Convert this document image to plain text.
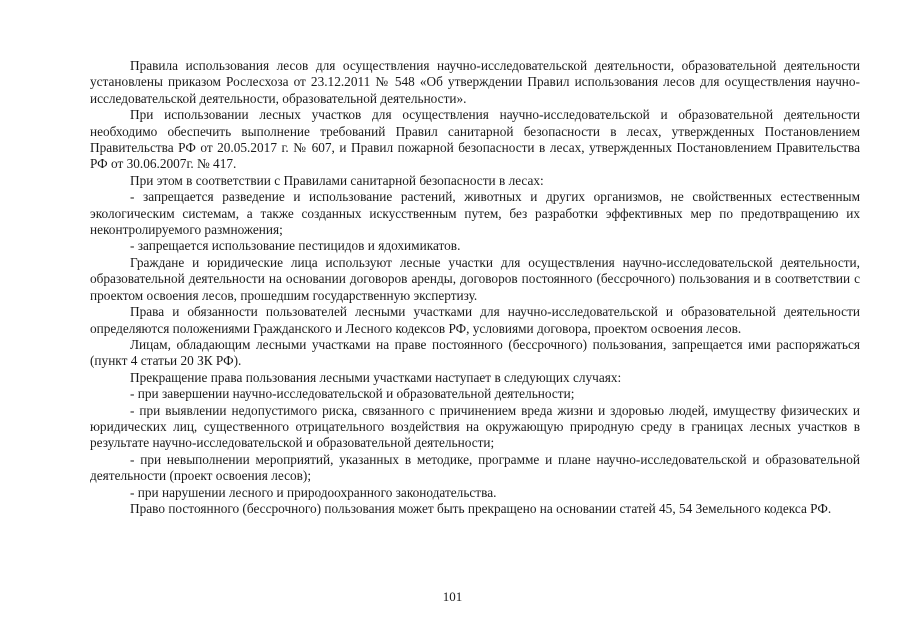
Правила использования лесов для осуществления научно-исследовательской деятельности, образовательной деятельности установлены приказом Рослесхоза от 23.12.2011 № 548 «Об утверждении Правил использования лесов для осуществления научно-исследовательской деятельности, образовательной деятельности».

При использовании лесных участков для осуществления научно-исследовательской и образовательной деятельности необходимо обеспечить выполнение требований Правил санитарной безопасности в лесах, утвержденных Постановлением Правительства РФ от 20.05.2017 г. № 607, и Правил пожарной безопасности в лесах, утвержденных Постановлением Правительства РФ от 30.06.2007г. № 417.

При этом в соответствии с Правилами санитарной безопасности в лесах:

- запрещается разведение и использование растений, животных и других организмов, не свойственных естественным экологическим системам, а также созданных искусственным путем, без разработки эффективных мер по предотвращению их неконтролируемого размножения;

- запрещается использование пестицидов и ядохимикатов.

Граждане и юридические лица используют лесные участки для осуществления научно-исследовательской деятельности, образовательной деятельности на основании договоров аренды, договоров постоянного (бессрочного) пользования и в соответствии с проектом освоения лесов, прошедшим государственную экспертизу.

Права и обязанности пользователей лесными участками для научно-исследовательской и образовательной деятельности определяются положениями Гражданского и Лесного кодексов РФ, условиями договора, проектом освоения лесов.

Лицам, обладающим лесными участками на праве постоянного (бессрочного) пользования, запрещается ими распоряжаться (пункт 4 статьи 20 ЗК РФ).

Прекращение права пользования лесными участками наступает в следующих случаях:

- при завершении научно-исследовательской и образовательной деятельности;

- при выявлении недопустимого риска, связанного с причинением вреда жизни и здоровью людей, имуществу физических и юридических лиц, существенного отрицательного воздействия на окружающую природную среду в границах лесных участков в результате научно-исследовательской и образовательной деятельности;

- при невыполнении мероприятий, указанных в методике, программе и плане научно-исследовательской и образовательной деятельности (проект освоения лесов);

- при нарушении лесного и природоохранного законодательства.

Право постоянного (бессрочного) пользования может быть прекращено на основании статей 45, 54 Земельного кодекса РФ.

101
